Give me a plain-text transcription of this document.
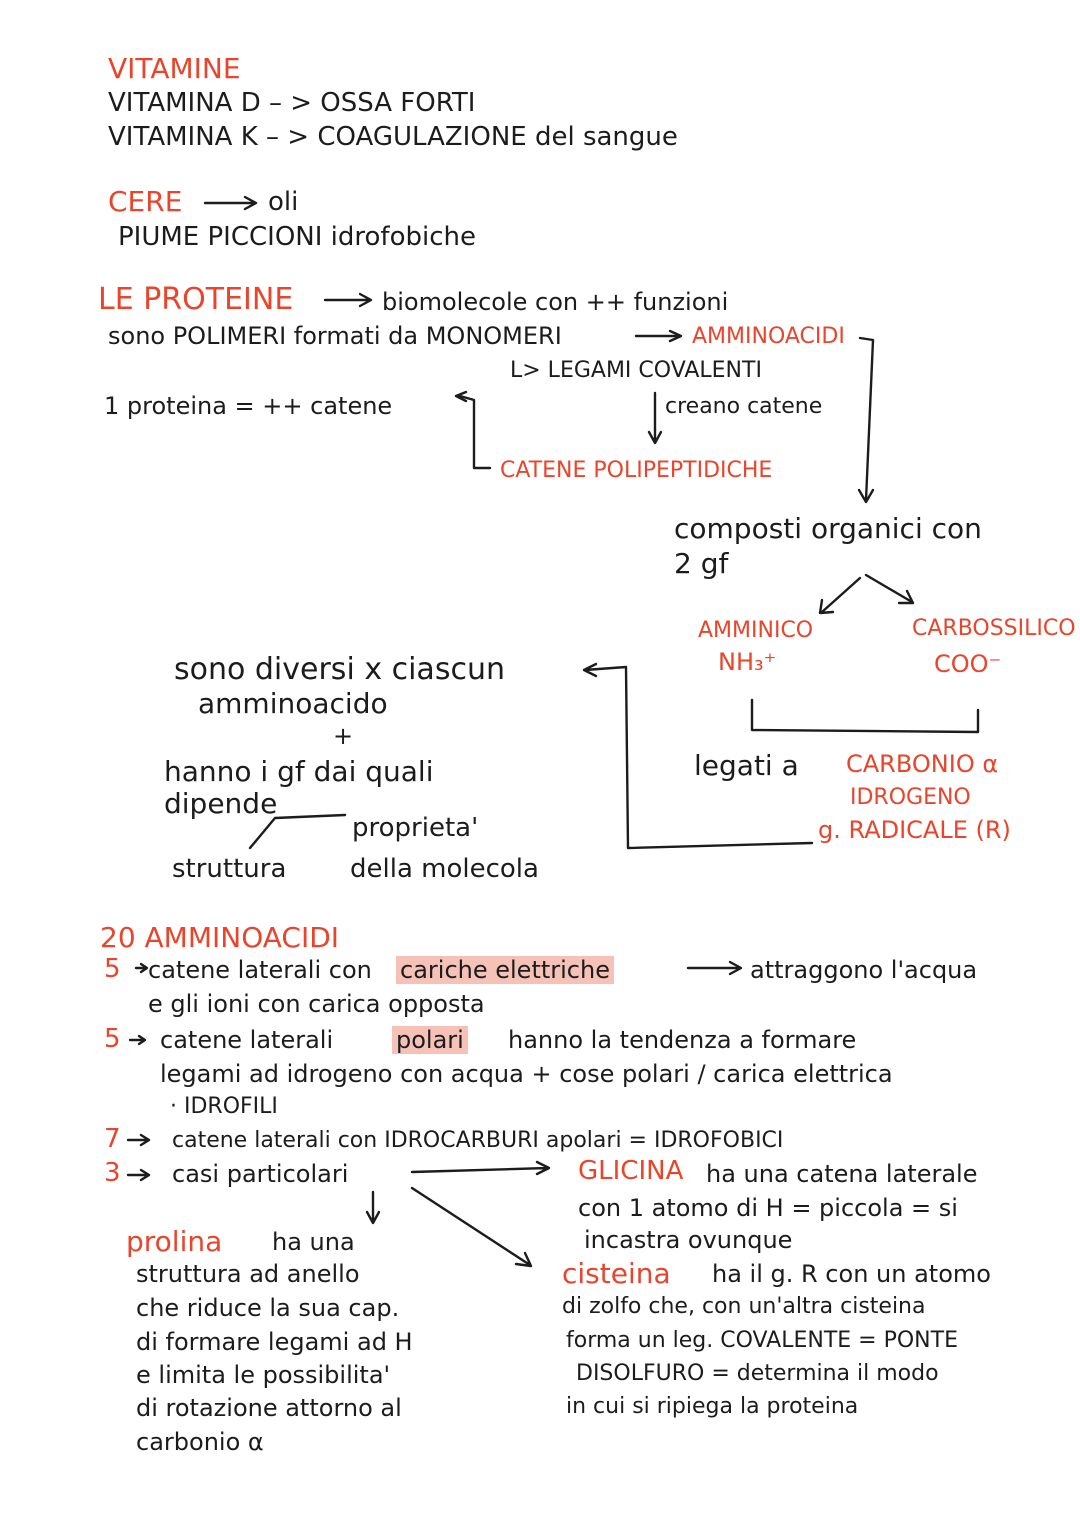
VITAMINE
VITAMINA D – > OSSA FORTI
VITAMINA K – > COAGULAZIONE del sangue
CERE	oli
PIUME PICCIONI idrofobiche
LE PROTEINE	biomolecole con ++ funzioni
sono POLIMERI formati da MONOMERI	AMMINOACIDI
L> LEGAMI COVALENTI
creano catene
1 proteina = ++ catene
CATENE POLIPEPTIDICHE
composti organici con
2 gf
AMMINICO
NH₃⁺
CARBOSSILICO
COO⁻
legati a CARBONIO α
IDROGENO
g. RADICALE (R)
sono diversi x ciascun
amminoacido
+
hanno i gf dai quali
dipende
proprieta'
struttura della molecola
20 AMMINOACIDI
5 catene laterali con cariche elettriche	attraggono l'acqua
e gli ioni con carica opposta
5 catene laterali	polari hanno la tendenza a formare
legami ad idrogeno con acqua + cose polari / carica elettrica
· IDROFILI
7 catene laterali con IDROCARBURI apolari = IDROFOBICI
3 casi particolari	GLICINA ha una catena laterale
con 1 atomo di H = piccola = si
incastra ovunque
prolina ha una
struttura ad anello
che riduce la sua cap.
di formare legami ad H
e limita le possibilita'
di rotazione attorno al
carbonio α
cisteina ha il g. R con un atomo
di zolfo che, con un'altra cisteina
forma un leg. COVALENTE = PONTE
DISOLFURO = determina il modo
in cui si ripiega la proteina
